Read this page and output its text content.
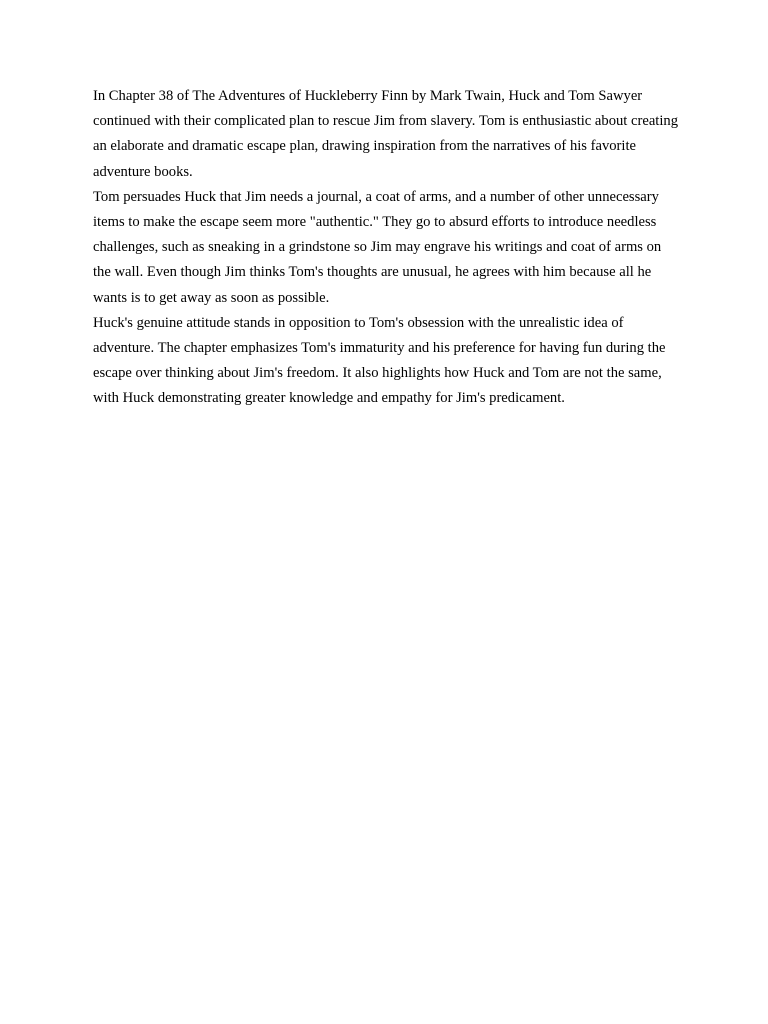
In Chapter 38 of The Adventures of Huckleberry Finn by Mark Twain, Huck and Tom Sawyer continued with their complicated plan to rescue Jim from slavery. Tom is enthusiastic about creating an elaborate and dramatic escape plan, drawing inspiration from the narratives of his favorite adventure books.

Tom persuades Huck that Jim needs a journal, a coat of arms, and a number of other unnecessary items to make the escape seem more "authentic." They go to absurd efforts to introduce needless challenges, such as sneaking in a grindstone so Jim may engrave his writings and coat of arms on the wall. Even though Jim thinks Tom's thoughts are unusual, he agrees with him because all he wants is to get away as soon as possible.

Huck's genuine attitude stands in opposition to Tom's obsession with the unrealistic idea of adventure. The chapter emphasizes Tom's immaturity and his preference for having fun during the escape over thinking about Jim's freedom. It also highlights how Huck and Tom are not the same, with Huck demonstrating greater knowledge and empathy for Jim's predicament.
